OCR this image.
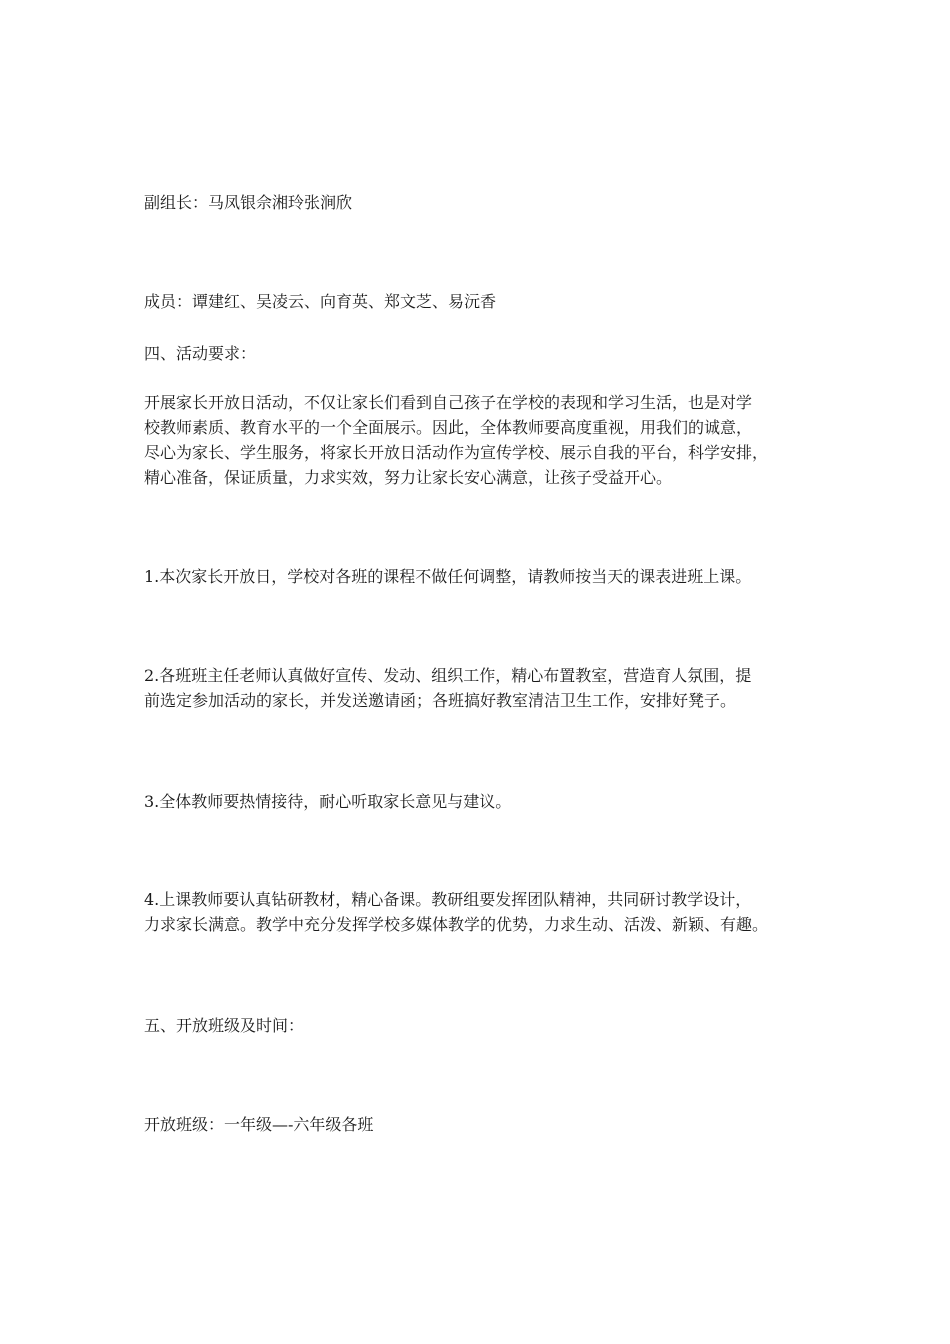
副组长：马凤银佘湘玲张涧欣

成员：谭建红、吴凌云、向育英、郑文芝、易沅香

四、活动要求：

开展家长开放日活动，不仅让家长们看到自己孩子在学校的表现和学习生活，也是对学
校教师素质、教育水平的一个全面展示。因此，全体教师要高度重视，用我们的诚意，
尽心为家长、学生服务，将家长开放日活动作为宣传学校、展示自我的平台，科学安排，
精心准备，保证质量，力求实效，努力让家长安心满意，让孩子受益开心。

1.本次家长开放日，学校对各班的课程不做任何调整，请教师按当天的课表进班上课。

2.各班班主任老师认真做好宣传、发动、组织工作，精心布置教室，营造育人氛围，提
前选定参加活动的家长，并发送邀请函；各班搞好教室清洁卫生工作，安排好凳子。

3.全体教师要热情接待，耐心听取家长意见与建议。

4.上课教师要认真钻研教材，精心备课。教研组要发挥团队精神，共同研讨教学设计，
力求家长满意。教学中充分发挥学校多媒体教学的优势，力求生动、活泼、新颖、有趣。

五、开放班级及时间：

开放班级：一年级—-六年级各班
